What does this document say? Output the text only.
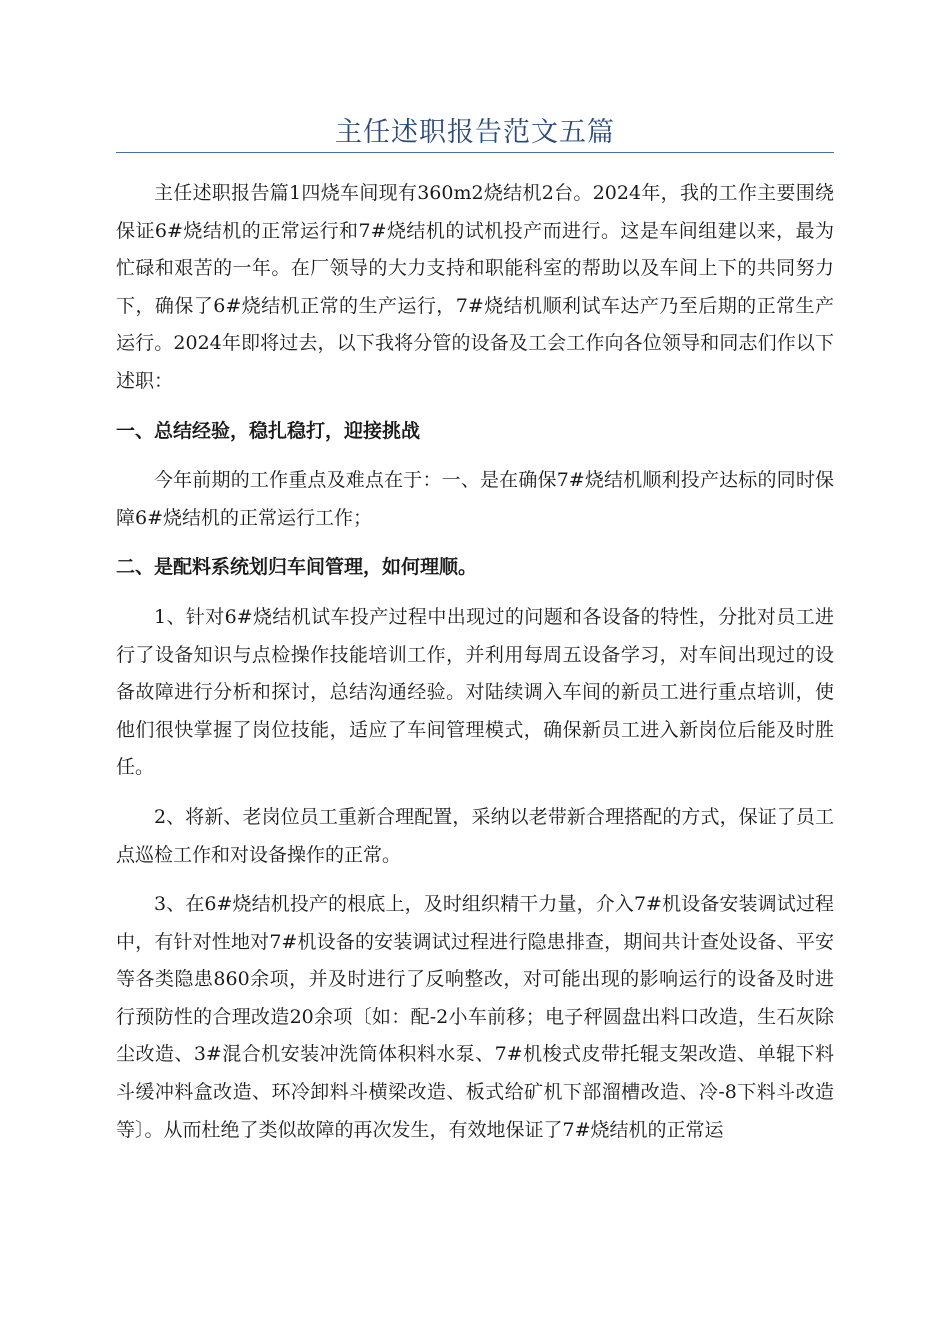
主任述职报告范文五篇

主任述职报告篇1四烧车间现有360m2烧结机2台。2024年，我的工作主要围绕保证6#烧结机的正常运行和7#烧结机的试机投产而进行。这是车间组建以来，最为忙碌和艰苦的一年。在厂领导的大力支持和职能科室的帮助以及车间上下的共同努力下，确保了6#烧结机正常的生产运行，7#烧结机顺利试车达产乃至后期的正常生产运行。2024年即将过去，以下我将分管的设备及工会工作向各位领导和同志们作以下述职：

一、总结经验，稳扎稳打，迎接挑战

今年前期的工作重点及难点在于：一、是在确保7#烧结机顺利投产达标的同时保障6#烧结机的正常运行工作；

二、是配料系统划归车间管理，如何理顺。

1、针对6#烧结机试车投产过程中出现过的问题和各设备的特性，分批对员工进行了设备知识与点检操作技能培训工作，并利用每周五设备学习，对车间出现过的设备故障进行分析和探讨，总结沟通经验。对陆续调入车间的新员工进行重点培训，使他们很快掌握了岗位技能，适应了车间管理模式，确保新员工进入新岗位后能及时胜任。

2、将新、老岗位员工重新合理配置，采纳以老带新合理搭配的方式，保证了员工点巡检工作和对设备操作的正常。

3、在6#烧结机投产的根底上，及时组织精干力量，介入7#机设备安装调试过程中，有针对性地对7#机设备的安装调试过程进行隐患排查，期间共计查处设备、平安等各类隐患860余项，并及时进行了反响整改，对可能出现的影响运行的设备及时进行预防性的合理改造20余项〔如：配-2小车前移；电子秤圆盘出料口改造，生石灰除尘改造、3#混合机安装冲洗筒体积料水泵、7#机梭式皮带托辊支架改造、单辊下料斗缓冲料盒改造、环冷卸料斗横梁改造、板式给矿机下部溜槽改造、冷-8下料斗改造等〕。从而杜绝了类似故障的再次发生，有效地保证了7#烧结机的正常运
